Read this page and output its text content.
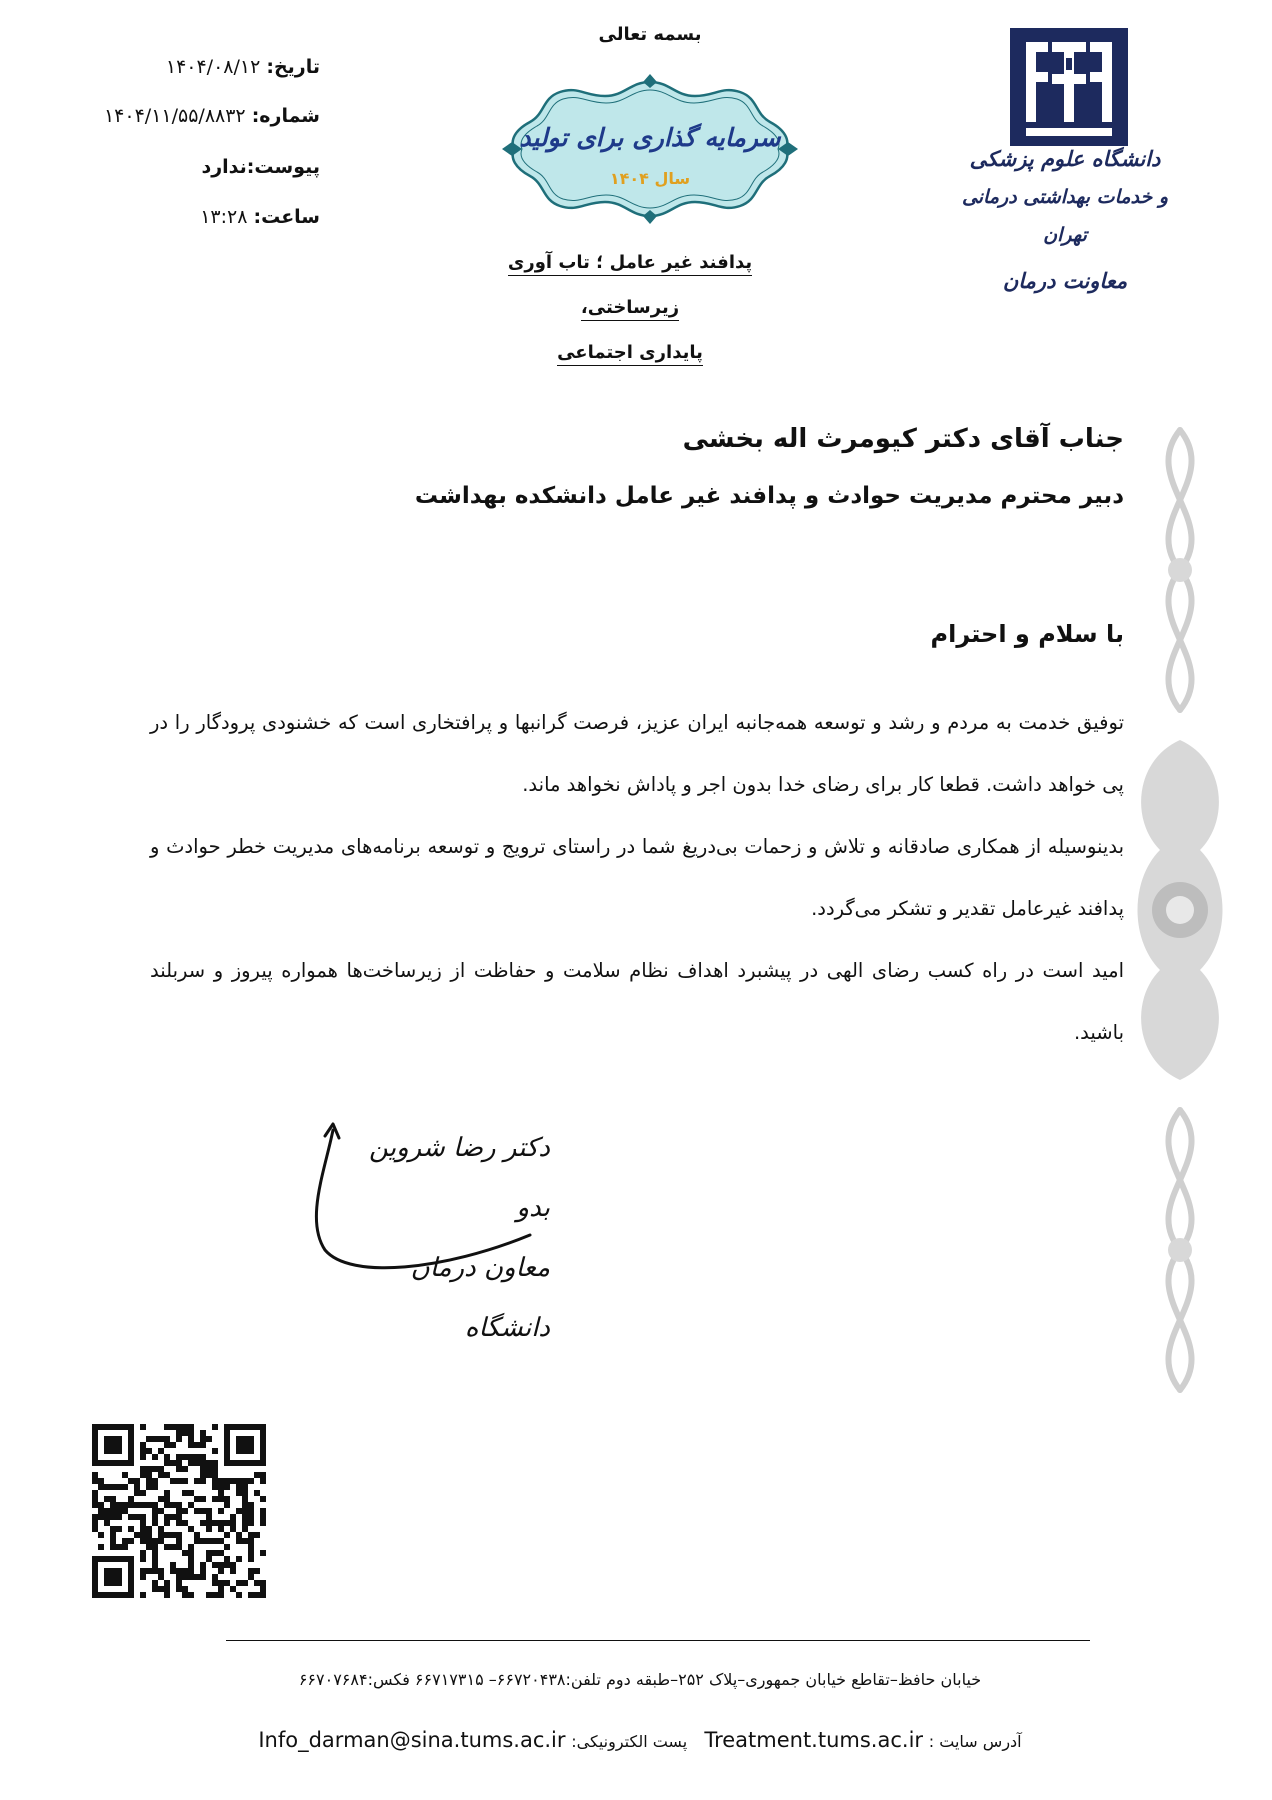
تاریخ: ۱۴۰۴/۰۸/۱۲
شماره: ۱۴۰۴/۱۱/۵۵/۸۸۳۲
پیوست:ندارد
ساعت: ۱۳:۲۸
بسمه تعالی
سرمایه گذاری برای تولید
سال ۱۴۰۴
پدافند غیر عامل ؛ تاب آوری زیرساختی،
پایداری اجتماعی
دانشگاه علوم پزشکی
و خدمات بهداشتی درمانی تهران
معاونت درمان
جناب آقای دکتر کیومرث اله بخشی
دبیر محترم مدیریت حوادث و پدافند غیر عامل دانشکده بهداشت
با سلام و احترام
توفیق خدمت به مردم و رشد و توسعه همه‌جانبه ایران عزیز، فرصت گرانبها و پرافتخاری است که خشنودی پرودگار را در پی خواهد داشت. قطعا کار برای رضای خدا بدون اجر و پاداش نخواهد ماند.
بدینوسیله از همکاری صادقانه و تلاش و زحمات بی‌دریغ شما در راستای ترویج و توسعه برنامه‌های مدیریت خطر حوادث و پدافند غیرعامل تقدیر و تشکر می‌گردد.
امید است در راه کسب رضای الهی در پیشبرد اهداف نظام سلامت و حفاظت از زیرساخت‌ها همواره پیروز و سربلند باشید.
دکتر رضا شروین بدو
معاون درمان دانشگاه
خیابان حافظ–تقاطع خیابان جمهوری–پلاک ۲۵۲–طبقه دوم تلفن:۶۶۷۲۰۴۳۸– ۶۶۷۱۷۳۱۵ فکس:۶۶۷۰۷۶۸۴
آدرس سایت : Treatment.tums.ac.ir   پست الکترونیکی: Info_darman@sina.tums.ac.ir
